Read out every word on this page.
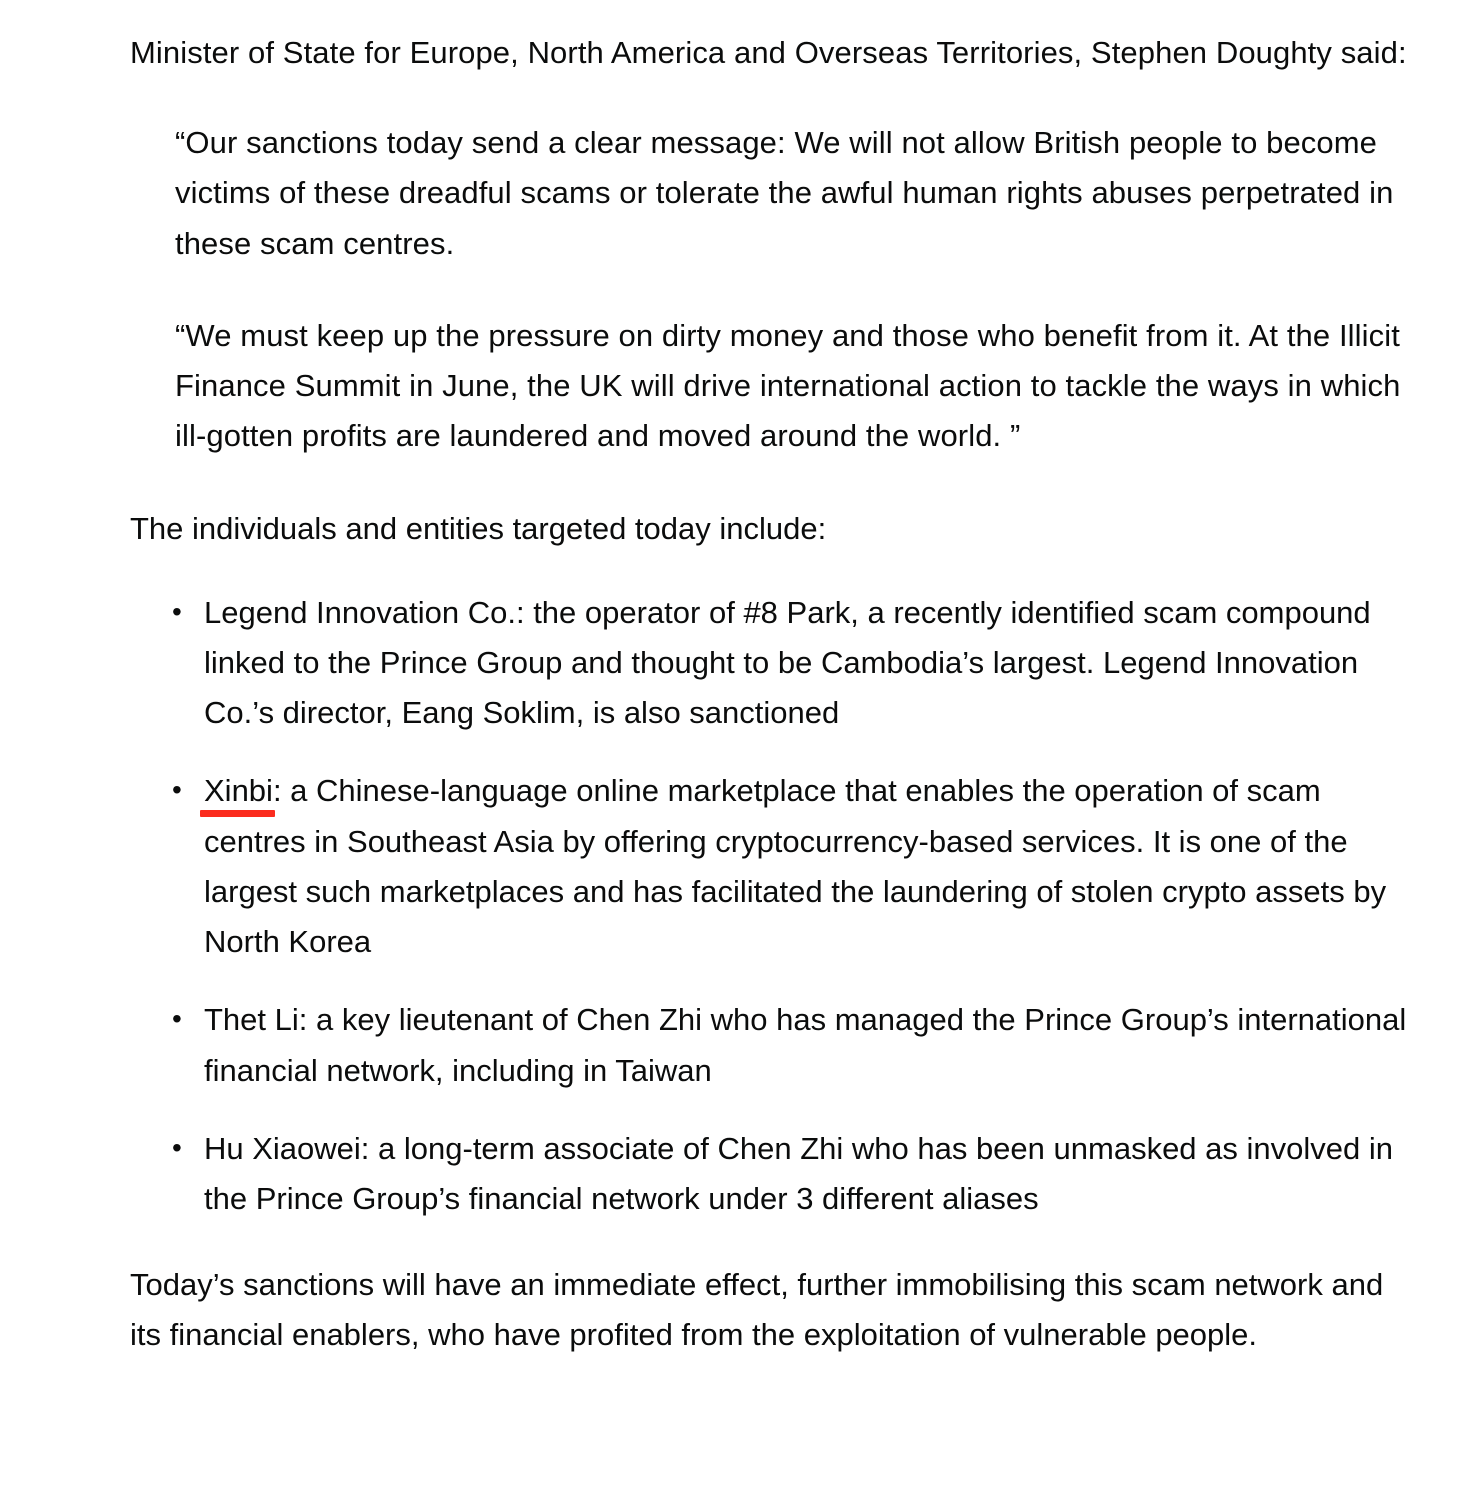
Minister of State for Europe, North America and Overseas Territories, Stephen Doughty said:

“Our sanctions today send a clear message: We will not allow British people to become victims of these dreadful scams or tolerate the awful human rights abuses perpetrated in these scam centres.

“We must keep up the pressure on dirty money and those who benefit from it. At the Illicit Finance Summit in June, the UK will drive international action to tackle the ways in which ill-gotten profits are laundered and moved around the world. ”

The individuals and entities targeted today include:

• Legend Innovation Co.: the operator of #8 Park, a recently identified scam compound linked to the Prince Group and thought to be Cambodia’s largest. Legend Innovation Co.’s director, Eang Soklim, is also sanctioned
• Xinbi: a Chinese-language online marketplace that enables the operation of scam centres in Southeast Asia by offering cryptocurrency-based services. It is one of the largest such marketplaces and has facilitated the laundering of stolen crypto assets by North Korea
• Thet Li: a key lieutenant of Chen Zhi who has managed the Prince Group’s international financial network, including in Taiwan
• Hu Xiaowei: a long-term associate of Chen Zhi who has been unmasked as involved in the Prince Group’s financial network under 3 different aliases

Today’s sanctions will have an immediate effect, further immobilising this scam network and its financial enablers, who have profited from the exploitation of vulnerable people.
